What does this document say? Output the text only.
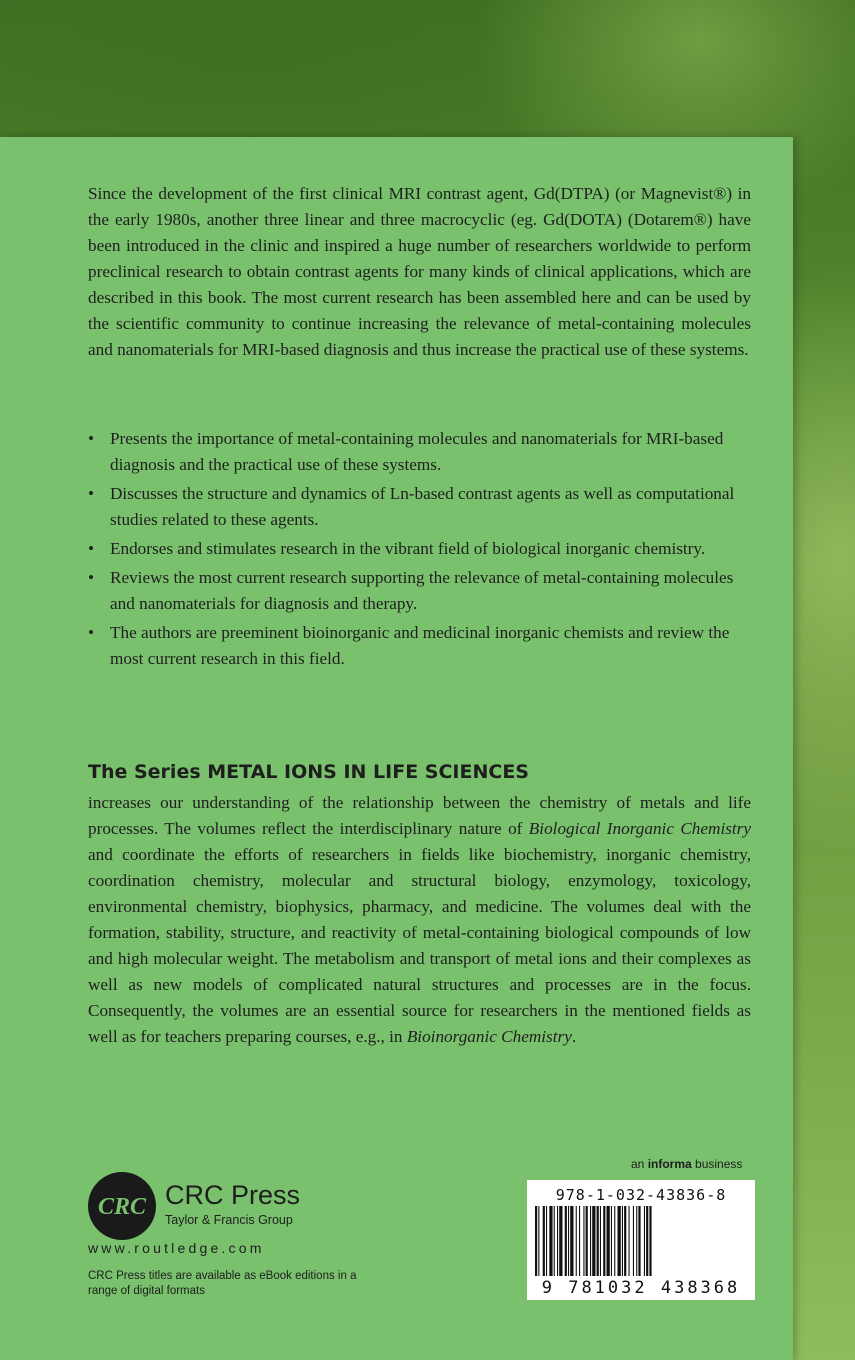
Since the development of the first clinical MRI contrast agent, Gd(DTPA) (or Magnevist®) in the early 1980s, another three linear and three macrocyclic (eg. Gd(DOTA) (Dotarem®) have been introduced in the clinic and inspired a huge number of researchers worldwide to perform preclinical research to obtain contrast agents for many kinds of clinical applications, which are described in this book. The most current research has been assembled here and can be used by the scientific community to continue increasing the relevance of metal-containing molecules and nanomaterials for MRI-based diagnosis and thus increase the practical use of these systems.

• Presents the importance of metal-containing molecules and nanomaterials for MRI-based diagnosis and the practical use of these systems.
• Discusses the structure and dynamics of Ln-based contrast agents as well as computational studies related to these agents.
• Endorses and stimulates research in the vibrant field of biological inorganic chemistry.
• Reviews the most current research supporting the relevance of metal-containing molecules and nanomaterials for diagnosis and therapy.
• The authors are preeminent bioinorganic and medicinal inorganic chemists and review the most current research in this field.
The Series METAL IONS IN LIFE SCIENCES

increases our understanding of the relationship between the chemistry of metals and life processes. The volumes reflect the interdisciplinary nature of Biological Inorganic Chemistry and coordinate the efforts of researchers in fields like biochemistry, inorganic chemistry, coordination chemistry, molecular and structural biology, enzymology, toxicology, environmental chemistry, biophysics, pharmacy, and medicine. The volumes deal with the formation, stability, structure, and reactivity of metal-containing biological compounds of low and high molecular weight. The metabolism and transport of metal ions and their complexes as well as new models of complicated natural structures and processes are in the focus. Consequently, the volumes are an essential source for researchers in the mentioned fields as well as for teachers preparing courses, e.g., in Bioinorganic Chemistry.

an informa business
978-1-032-43836-8
9 781032 438368
CRC CRC Press
Taylor & Francis Group
www.routledge.com
CRC Press titles are available as eBook editions in a range of digital formats
